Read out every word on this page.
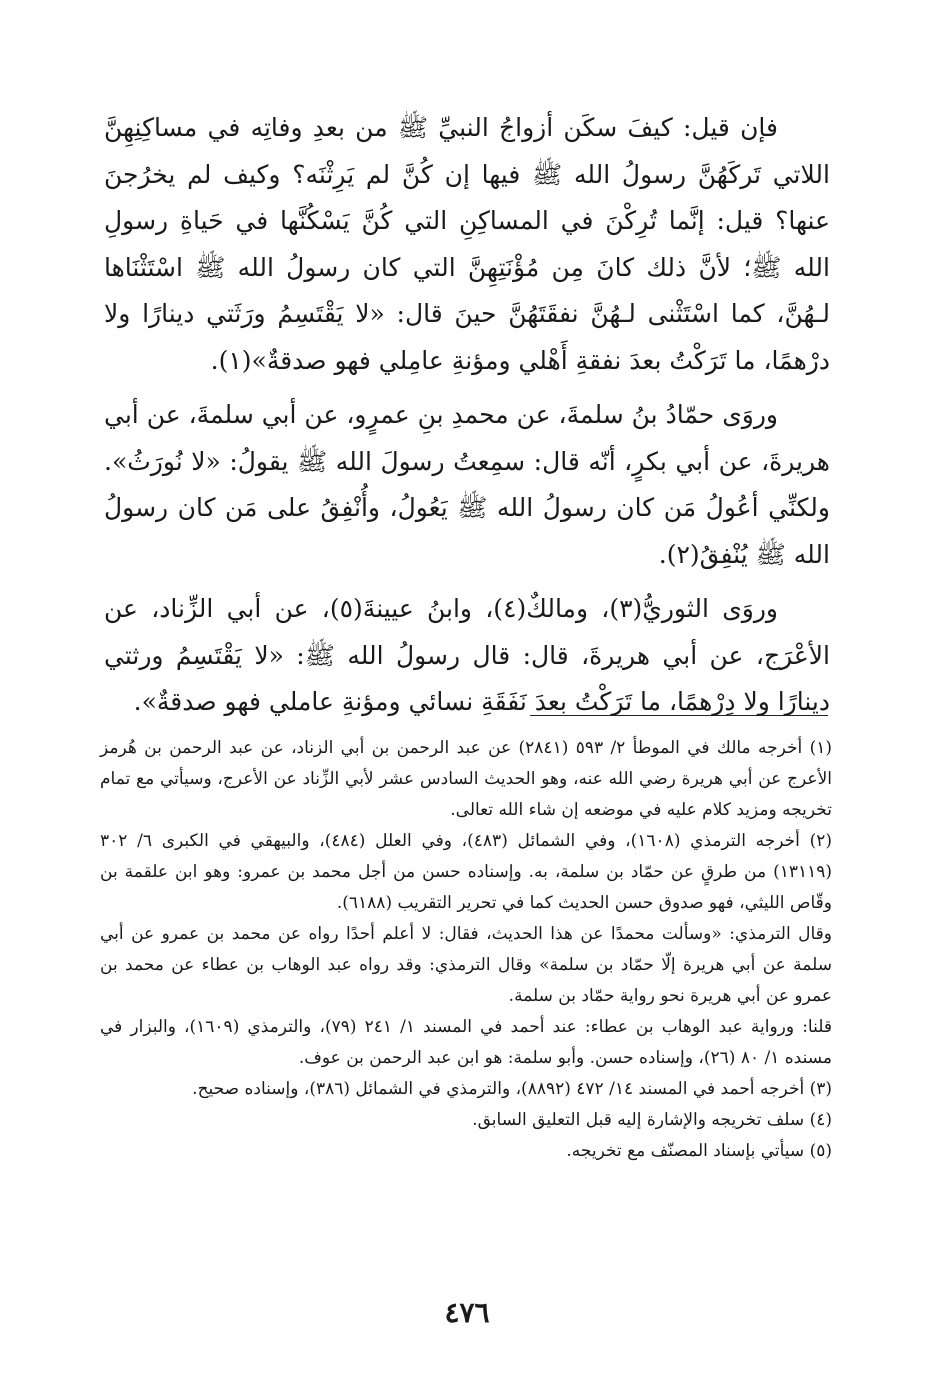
فإن قيل: كيفَ سكَن أزواجُ النبيِّ ﷺ من بعدِ وفاتِه في مساكِنِهِنَّ اللاتي تَركَهُنَّ رسولُ الله ﷺ فيها إن كُنَّ لم يَرِثْنَه؟ وكيف لم يخرُجنَ عنها؟ قيل: إنَّما تُرِكْنَ في المساكِنِ التي كُنَّ يَسْكُنَّها في حَياةِ رسولِ الله ﷺ؛ لأنَّ ذلك كانَ مِن مُؤْنَتِهِنَّ التي كان رسولُ الله ﷺ اسْتَثْنَاها لـهُنَّ، كما اسْتَثْنى لـهُنَّ نفقَتَهُنَّ حينَ قال: «لا يَقْتَسِمُ ورَثَتي دينارًا ولا درْهمًا، ما تَرَكْتُ بعدَ نفقةِ أَهْلي ومؤنةِ عامِلي فهو صدقةٌ»(١).

وروَى حمّادُ بنُ سلمةَ، عن محمدِ بنِ عمرٍو، عن أبي سلمةَ، عن أبي هريرةَ، عن أبي بكرٍ، أنّه قال: سمِعتُ رسولَ الله ﷺ يقولُ: «لا نُورَثُ». ولكنِّي أعُولُ مَن كان رسولُ الله ﷺ يَعُولُ، وأُنْفِقُ على مَن كان رسولُ الله ﷺ يُنْفِقُ(٢).

وروَى الثوريُّ(٣)، ومالكٌ(٤)، وابنُ عيينةَ(٥)، عن أبي الزِّناد، عن الأعْرَج، عن أبي هريرةَ، قال: قال رسولُ الله ﷺ: «لا يَقْتَسِمُ ورثتي دينارًا ولا دِرْهمًا، ما تَرَكْتُ بعدَ نَفَقَةِ نسائي ومؤنةِ عاملي فهو صدقةٌ».

(١) أخرجه مالك في الموطأ ٢/ ٥٩٣ (٢٨٤١) عن عبد الرحمن بن أبي الزناد، عن عبد الرحمن بن هُرمز الأعرج عن أبي هريرة رضي الله عنه، وهو الحديث السادس عشر لأبي الزِّناد عن الأعرج، وسيأتي مع تمام تخريجه ومزيد كلام عليه في موضعه إن شاء الله تعالى.

(٢) أخرجه الترمذي (١٦٠٨)، وفي الشمائل (٤٨٣)، وفي العلل (٤٨٤)، والبيهقي في الكبرى ٦/ ٣٠٢ (١٣١١٩) من طرقٍ عن حمّاد بن سلمة، به. وإسناده حسن من أجل محمد بن عمرو: وهو ابن علقمة بن وقّاص الليثي، فهو صدوق حسن الحديث كما في تحرير التقريب (٦١٨٨).

وقال الترمذي: «وسألت محمدًا عن هذا الحديث، فقال: لا أعلم أحدًا رواه عن محمد بن عمرو عن أبي سلمة عن أبي هريرة إلّا حمّاد بن سلمة» وقال الترمذي: وقد رواه عبد الوهاب بن عطاء عن محمد بن عمرو عن أبي هريرة نحو رواية حمّاد بن سلمة.

قلنا: ورواية عبد الوهاب بن عطاء: عند أحمد في المسند ١/ ٢٤١ (٧٩)، والترمذي (١٦٠٩)، والبزار في مسنده ١/ ٨٠ (٢٦)، وإسناده حسن. وأبو سلمة: هو ابن عبد الرحمن بن عوف.

(٣) أخرجه أحمد في المسند ١٤/ ٤٧٢ (٨٨٩٢)، والترمذي في الشمائل (٣٨٦)، وإسناده صحيح.

(٤) سلف تخريجه والإشارة إليه قبل التعليق السابق.

(٥) سيأتي بإسناد المصنّف مع تخريجه.

٤٧٦
